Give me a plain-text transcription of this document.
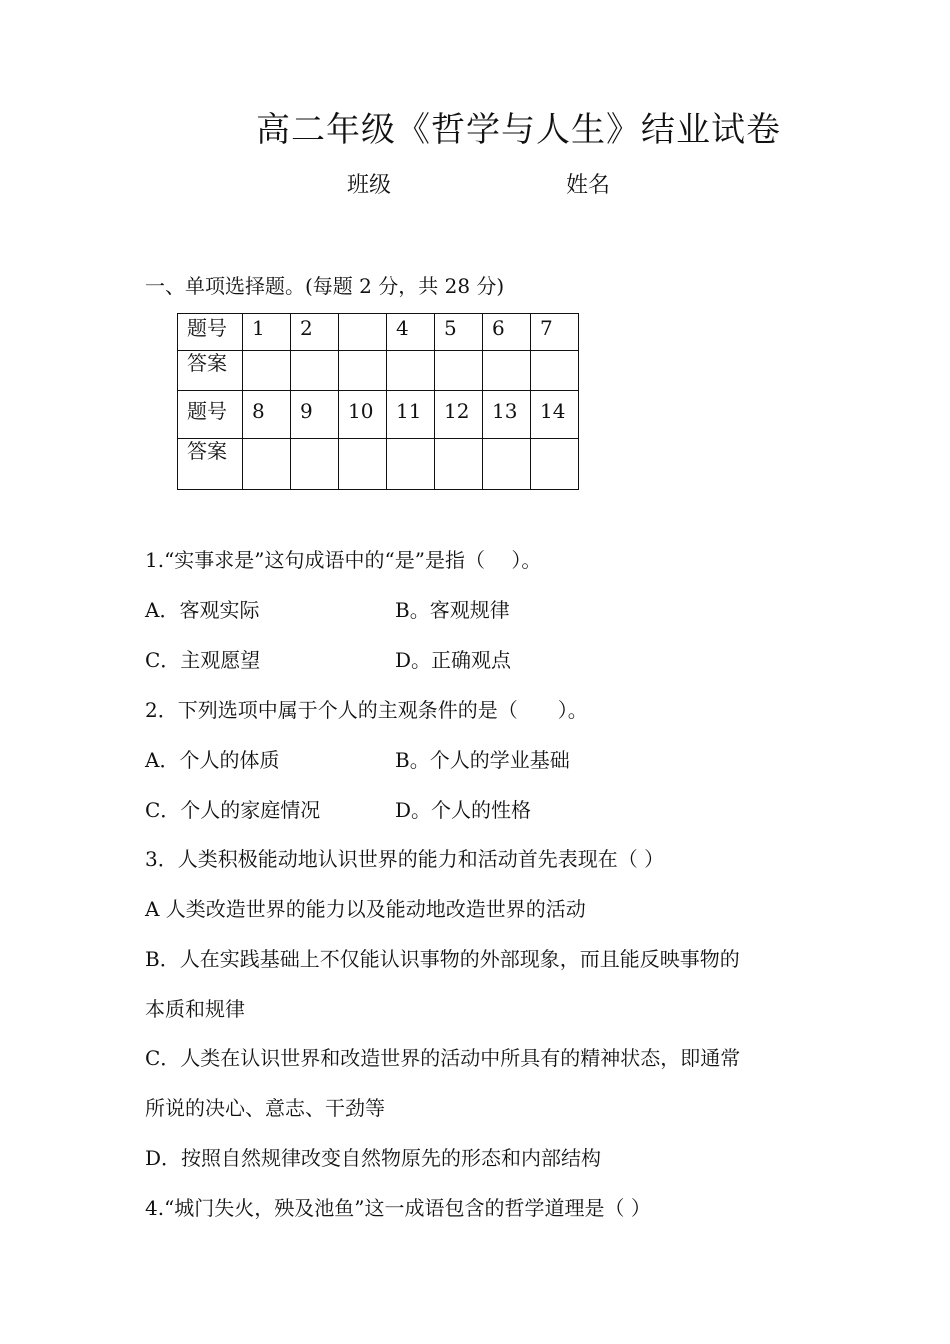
高二年级《哲学与人生》结业试卷
班级	姓名
一、单项选择题。(每题 2 分，共 28 分)
题号	1	2		4	5	6	7
答案							
题号	8	9	10	11	12	13	14
答案							
1.“实事求是”这句成语中的“是”是指（　 ）。
A．客观实际	B。客观规律
C．主观愿望	D。正确观点
2．下列选项中属于个人的主观条件的是（　　）。
A．个人的体质	B。个人的学业基础
C．个人的家庭情况	D。个人的性格
3．人类积极能动地认识世界的能力和活动首先表现在（ ）
A 人类改造世界的能力以及能动地改造世界的活动
B．人在实践基础上不仅能认识事物的外部现象，而且能反映事物的
本质和规律
C．人类在认识世界和改造世界的活动中所具有的精神状态，即通常
所说的决心、意志、干劲等
D．按照自然规律改变自然物原先的形态和内部结构
4.“城门失火，殃及池鱼”这一成语包含的哲学道理是（ ）
